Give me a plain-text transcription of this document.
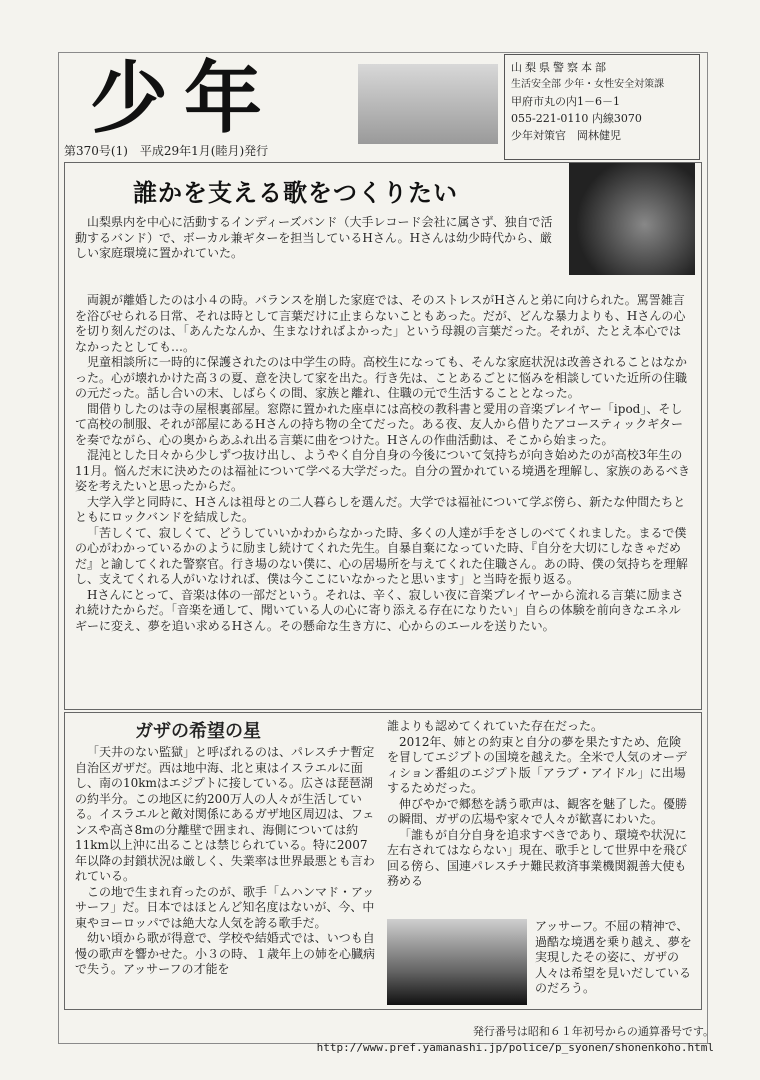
少年
第370号(1)　平成29年1月(睦月)発行
山梨県警察本部
生活安全部 少年・女性安全対策課
甲府市丸の内1－6－1
055-221-0110 内線3070
少年対策官　岡林健児
誰かを支える歌をつくりたい

山梨県内を中心に活動するインディーズバンド（大手レコード会社に属さず、独自で活動するバンド）で、ボーカル兼ギターを担当しているHさん。Hさんは幼少時代から、厳しい家庭環境に置かれていた。

両親が離婚したのは小４の時。バランスを崩した家庭では、そのストレスがHさんと弟に向けられた。罵詈雑言を浴びせられる日常、それは時として言葉だけに止まらないこともあった。だが、どんな暴力よりも、Hさんの心を切り刻んだのは、「あんたなんか、生まなければよかった」という母親の言葉だった。それが、たとえ本心ではなかったとしても…。

児童相談所に一時的に保護されたのは中学生の時。高校生になっても、そんな家庭状況は改善されることはなかった。心が壊れかけた高３の夏、意を決して家を出た。行き先は、ことあるごとに悩みを相談していた近所の住職の元だった。話し合いの末、しばらくの間、家族と離れ、住職の元で生活することとなった。

間借りしたのは寺の屋根裏部屋。窓際に置かれた座卓には高校の教科書と愛用の音楽プレイヤー「ipod」、そして高校の制服、それが部屋にあるHさんの持ち物の全てだった。ある夜、友人から借りたアコースティックギターを奏でながら、心の奥からあふれ出る言葉に曲をつけた。Hさんの作曲活動は、そこから始まった。

混沌とした日々から少しずつ抜け出し、ようやく自分自身の今後について気持ちが向き始めたのが高校3年生の11月。悩んだ末に決めたのは福祉について学べる大学だった。自分の置かれている境遇を理解し、家族のあるべき姿を考えたいと思ったからだ。

大学入学と同時に、Hさんは祖母との二人暮らしを選んだ。大学では福祉について学ぶ傍ら、新たな仲間たちとともにロックバンドを結成した。

「苦しくて、寂しくて、どうしていいかわからなかった時、多くの人達が手をさしのべてくれました。まるで僕の心がわかっているかのように励まし続けてくれた先生。自暴自棄になっていた時、『自分を大切にしなきゃだめだ』と諭してくれた警察官。行き場のない僕に、心の居場所を与えてくれた住職さん。あの時、僕の気持ちを理解し、支えてくれる人がいなければ、僕は今ここにいなかったと思います」と当時を振り返る。

Hさんにとって、音楽は体の一部だという。それは、辛く、寂しい夜に音楽プレイヤーから流れる言葉に励まされ続けたからだ。「音楽を通して、聞いている人の心に寄り添える存在になりたい」自らの体験を前向きなエネルギーに変え、夢を追い求めるHさん。その懸命な生き方に、心からのエールを送りたい。

ガザの希望の星

「天井のない監獄」と呼ばれるのは、パレスチナ暫定自治区ガザだ。西は地中海、北と東はイスラエルに面し、南の10kmはエジプトに接している。広さは琵琶湖の約半分。この地区に約200万人の人々が生活している。イスラエルと敵対関係にあるガザ地区周辺は、フェンスや高さ8mの分離壁で囲まれ、海側については約11km以上沖に出ることは禁じられている。特に2007年以降の封鎖状況は厳しく、失業率は世界最悪とも言われている。

この地で生まれ育ったのが、歌手「ムハンマド・アッサーフ」だ。日本ではほとんど知名度はないが、今、中東やヨーロッパでは絶大な人気を誇る歌手だ。

幼い頃から歌が得意で、学校や結婚式では、いつも自慢の歌声を響かせた。小３の時、１歳年上の姉を心臓病で失う。アッサーフの才能を

誰よりも認めてくれていた存在だった。

2012年、姉との約束と自分の夢を果たすため、危険を冒してエジプトの国境を越えた。全米で人気のオーディション番組のエジプト版「アラブ・アイドル」に出場するためだった。

伸びやかで郷愁を誘う歌声は、観客を魅了した。優勝の瞬間、ガザの広場や家々で人々が歓喜にわいた。

「誰もが自分自身を追求すべきであり、環境や状況に左右されてはならない」現在、歌手として世界中を飛び回る傍ら、国連パレスチナ難民救済事業機関親善大使も務める

アッサーフ。不屈の精神で、過酷な境遇を乗り越え、夢を実現したその姿に、ガザの人々は希望を見いだしているのだろう。
発行番号は昭和６１年初号からの通算番号です。
http://www.pref.yamanashi.jp/police/p_syonen/shonenkoho.html
